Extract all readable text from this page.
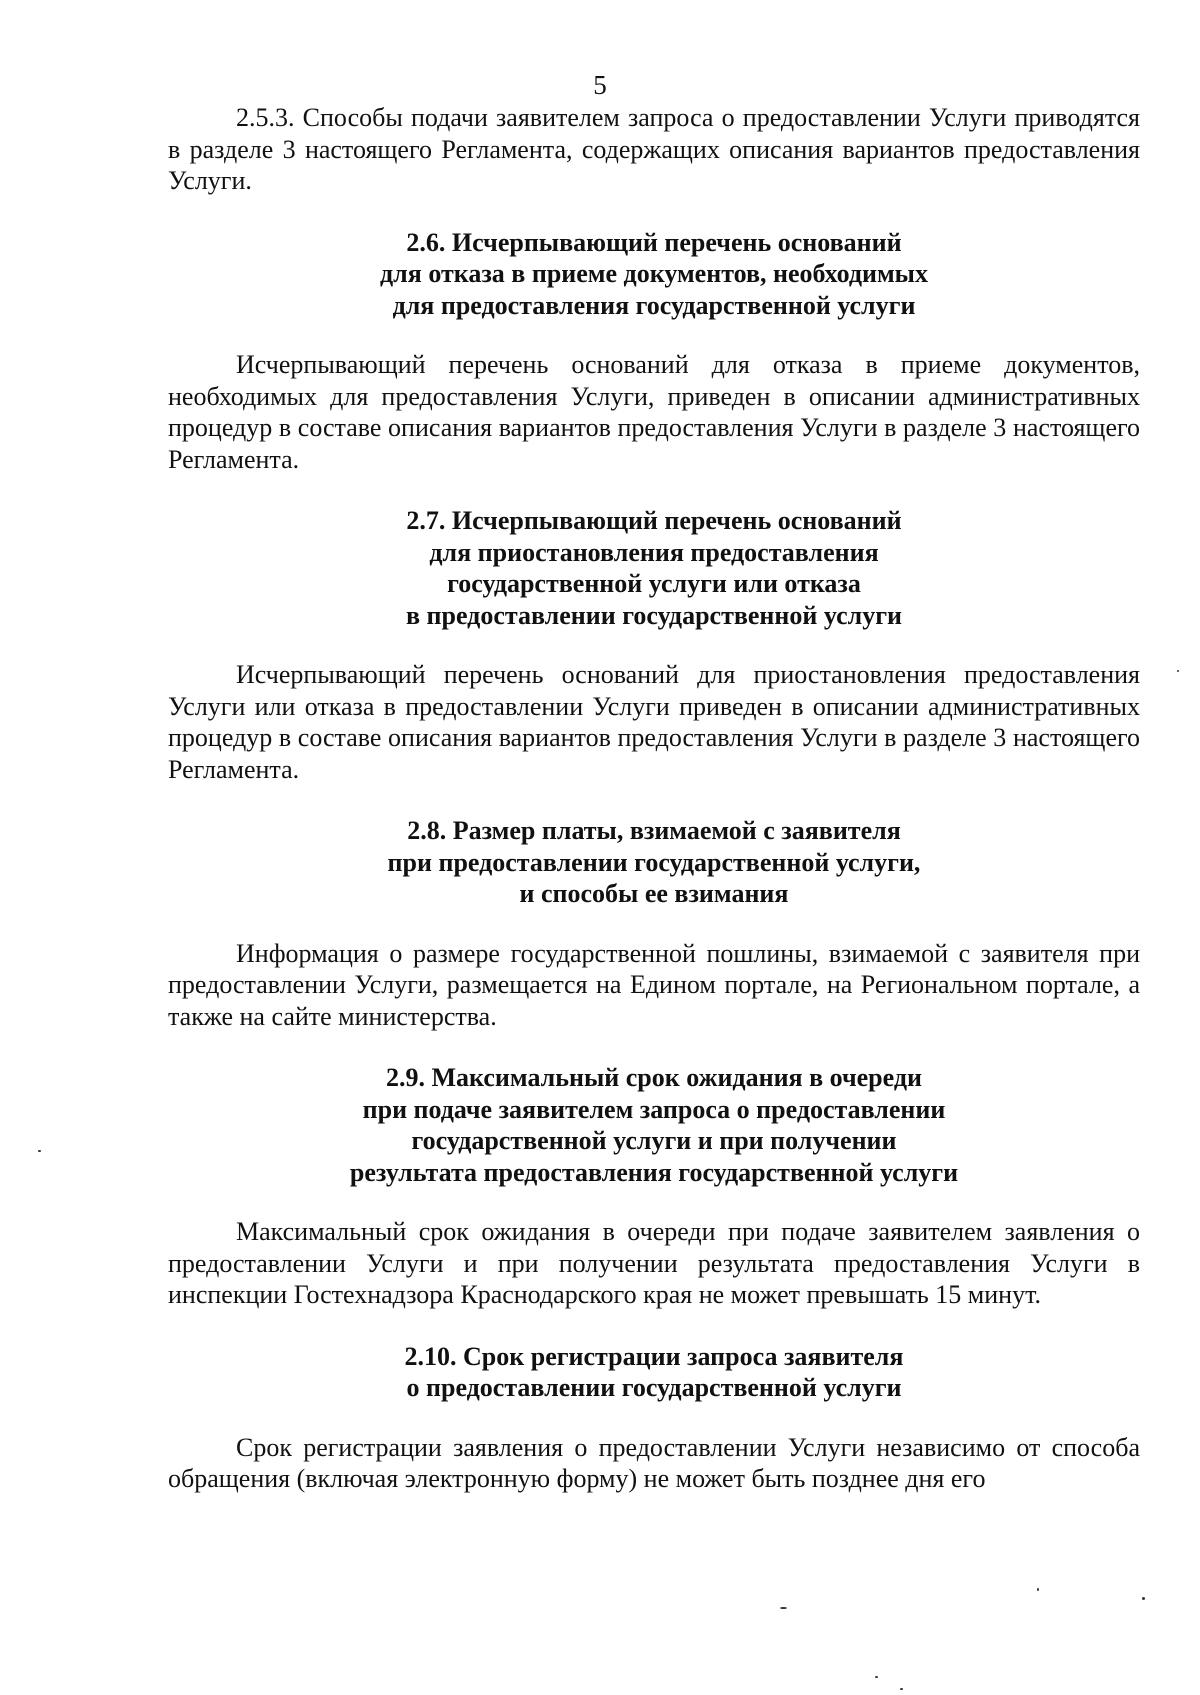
5

2.5.3. Способы подачи заявителем запроса о предоставлении Услуги приводятся в разделе 3 настоящего Регламента, содержащих описания вариантов предоставления Услуги.

2.6. Исчерпывающий перечень оснований
для отказа в приеме документов, необходимых
для предоставления государственной услуги

Исчерпывающий перечень оснований для отказа в приеме документов, необходимых для предоставления Услуги, приведен в описании административных процедур в составе описания вариантов предоставления Услуги в разделе 3 настоящего Регламента.

2.7. Исчерпывающий перечень оснований
для приостановления предоставления
государственной услуги или отказа
в предоставлении государственной услуги

Исчерпывающий перечень оснований для приостановления предоставления Услуги или отказа в предоставлении Услуги приведен в описании административных процедур в составе описания вариантов предоставления Услуги в разделе 3 настоящего Регламента.

2.8. Размер платы, взимаемой с заявителя
при предоставлении государственной услуги,
и способы ее взимания

Информация о размере государственной пошлины, взимаемой с заявителя при предоставлении Услуги, размещается на Едином портале, на Региональном портале, а также на сайте министерства.

2.9. Максимальный срок ожидания в очереди
при подаче заявителем запроса о предоставлении
государственной услуги и при получении
результата предоставления государственной услуги

Максимальный срок ожидания в очереди при подаче заявителем заявления о предоставлении Услуги и при получении результата предоставления Услуги в инспекции Гостехнадзора Краснодарского края не может превышать 15 минут.

2.10. Срок регистрации запроса заявителя
о предоставлении государственной услуги

Срок регистрации заявления о предоставлении Услуги независимо от способа обращения (включая электронную форму) не может быть позднее дня его
